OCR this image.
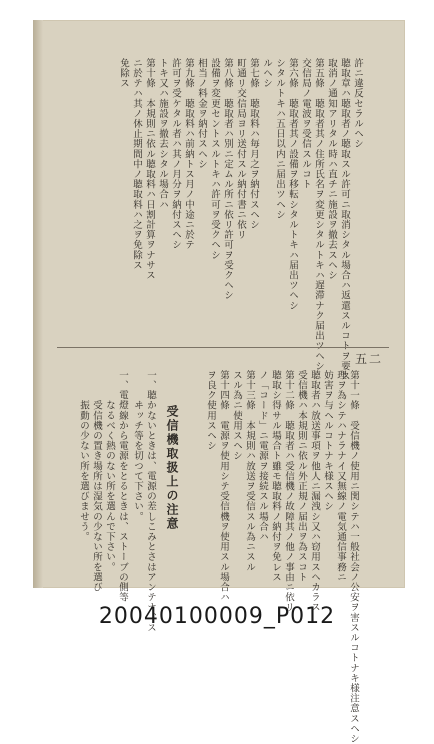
許ニ違反セラルヘシ
聴取章ハ聴取者ノ聴取スル許可ニ取消シタル場合ハ返還スルコトヲ要ス
取消ノ通知アリタル時ハ直チニ施設ヲ撤去スヘシ
第五條　聴取者其ノ住所氏名ヲ変更シタルトキハ遅滞ナク届出ツヘシ
交信局ノ電波ヲ受信スルコト
第六條　聴取者其ノ設備ヲ移転シタルトキハ届出ツヘシ
シタルトキハ五日以内ニ届出ツヘシ
ルヘシ
第七條　聴取料ハ毎月之ヲ納付スヘシ
町通リ交信局ヨリ送付スル納付書ニ依リ
第八條　聴取者ハ別ニ定ムル所ニ依リ許可ヲ受クヘシ
設備ヲ変更セントスルトキハ許可ヲ受クヘシ
相当ノ料金ヲ納付スヘシ
第九條　聴取料ハ前納トス月ノ中途ニ於テ
許可ヲ受ケタル者ハ其ノ月分ヲ納付スヘシ
トキ又ハ施設ヲ撤去シタル場合ハ
第十條　本規則ニ依ル聴取料ハ日割計算ヲナサス
ニ於テハ其ノ休止期間中ノ聴取料ハ之ヲ免除ス
免除ス
五二
第十一條　受信機ノ使用ニ関シテハ一般社会ノ公安ヲ害スルコトナキ様注意スヘシ
理ヲ為シテハナラナイ又無線ノ電気通信事務ニ
妨害ヲ与ヘルコトナキ様スヘシ
聴取者ハ放送事項ヲ他人ニ漏洩シ又ハ窃用スヘカラス
受信機ハ本規則ニ依ル外正規ノ届出ヲ為スコト
第十二條　聴取者ハ受信機ノ故障其ノ他ノ事由ニ依リ
聴取シ得サル場合ト雖モ聴取料ノ納付ヲ免レス
ノ「コード」ニ電源ヲ接続スル場合ハ
第十三條　本規則ハ放送ヲ受信スル為ニスル
スル為ニ使用スヘシ
第十四條　電源ヲ使用シテ受信機ヲ使用スル場合ハ
ヲ良ク使用スヘシ
受信機取扱上の注意
一、聴かないときは、電源の差しこみとさはアンテナ、ス
　　　ヰッチ等を切つて下さい。
一、電燈線から電源をとるときは、ストーブの側等
　　　なるべく熱のない所を選んで下さい。
　　　受信機の置き場所は湿気の少ない所を選び
　　　振動の少ない所を選びませう。
20040100009_P012
